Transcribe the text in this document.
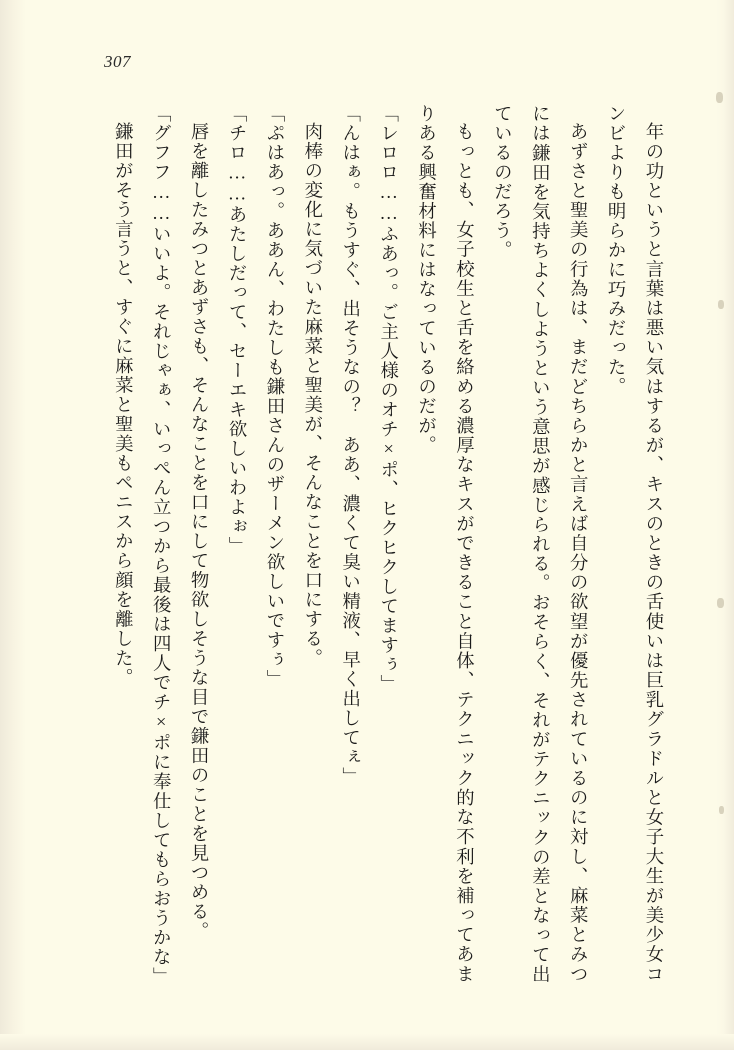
307

年の功というと言葉は悪い気はするが、キスのときの舌使いは巨乳グラドルと女子大生が美少女コンビよりも明らかに巧みだった。

あずさと聖美の行為は、まだどちらかと言えば自分の欲望が優先されているのに対し、麻菜とみつには鎌田を気持ちよくしようという意思が感じられる。おそらく、それがテクニックの差となって出ているのだろう。

もっとも、女子校生と舌を絡める濃厚なキスができること自体、テクニック的な不利を補ってあまりある興奮材料にはなっているのだが。

「レロロ……ふあっ。ご主人様のオチ×ポ、ヒクヒクしてますぅ」

「んはぁ。もうすぐ、出そうなの？　ああ、濃くて臭い精液、早く出してぇ」

肉棒の変化に気づいた麻菜と聖美が、そんなことを口にする。

「ぷはあっ。ああん、わたしも鎌田さんのザーメン欲しいですぅ」

「チロ……あたしだって、セーエキ欲しいわよぉ」

唇を離したみつとあずさも、そんなことを口にして物欲しそうな目で鎌田のことを見つめる。

「グフフ……いいよ。それじゃぁ、いっぺん立つから最後は四人でチ×ポに奉仕してもらおうかな」

鎌田がそう言うと、すぐに麻菜と聖美もペニスから顔を離した。
